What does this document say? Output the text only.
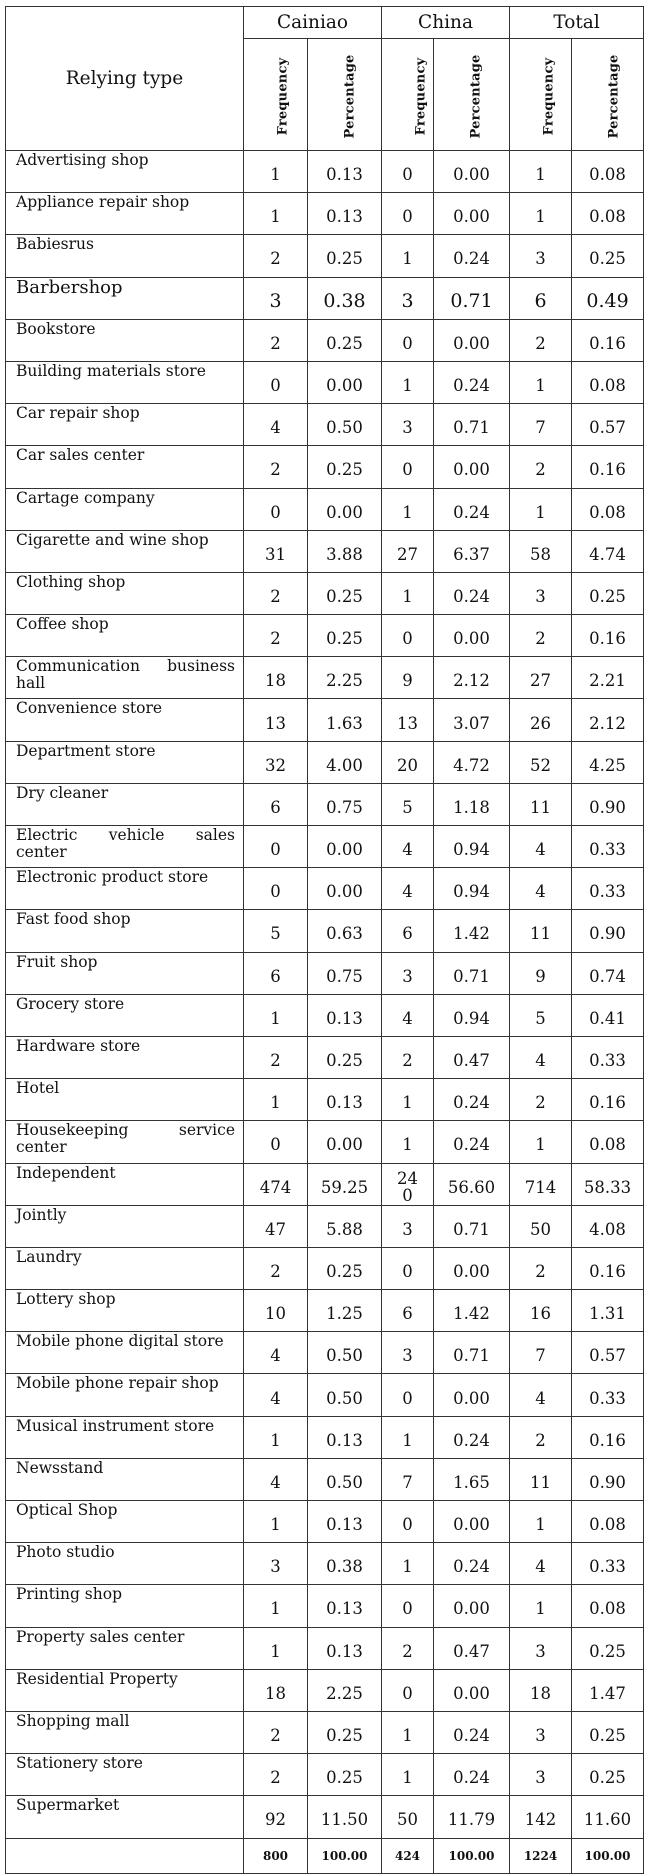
Relying type	Cainiao		China		Total	
	Frequency	Percentage	Frequency	Percentage	Frequency	Percentage
Advertising shop	1	0.13	0	0.00	1	0.08
Appliance repair shop	1	0.13	0	0.00	1	0.08
Babiesrus	2	0.25	1	0.24	3	0.25
Barbershop	3	0.38	3	0.71	6	0.49
Bookstore	2	0.25	0	0.00	2	0.16
Building materials store	0	0.00	1	0.24	1	0.08
Car repair shop	4	0.50	3	0.71	7	0.57
Car sales center	2	0.25	0	0.00	2	0.16
Cartage company	0	0.00	1	0.24	1	0.08
Cigarette and wine shop	31	3.88	27	6.37	58	4.74
Clothing shop	2	0.25	1	0.24	3	0.25
Coffee shop	2	0.25	0	0.00	2	0.16
Communication business hall	18	2.25	9	2.12	27	2.21
Convenience store	13	1.63	13	3.07	26	2.12
Department store	32	4.00	20	4.72	52	4.25
Dry cleaner	6	0.75	5	1.18	11	0.90
Electric vehicle sales center	0	0.00	4	0.94	4	0.33
Electronic product store	0	0.00	4	0.94	4	0.33
Fast food shop	5	0.63	6	1.42	11	0.90
Fruit shop	6	0.75	3	0.71	9	0.74
Grocery store	1	0.13	4	0.94	5	0.41
Hardware store	2	0.25	2	0.47	4	0.33
Hotel	1	0.13	1	0.24	2	0.16
Housekeeping service center	0	0.00	1	0.24	1	0.08
Independent	474	59.25	240	56.60	714	58.33
Jointly	47	5.88	3	0.71	50	4.08
Laundry	2	0.25	0	0.00	2	0.16
Lottery shop	10	1.25	6	1.42	16	1.31
Mobile phone digital store	4	0.50	3	0.71	7	0.57
Mobile phone repair shop	4	0.50	0	0.00	4	0.33
Musical instrument store	1	0.13	1	0.24	2	0.16
Newsstand	4	0.50	7	1.65	11	0.90
Optical Shop	1	0.13	0	0.00	1	0.08
Photo studio	3	0.38	1	0.24	4	0.33
Printing shop	1	0.13	0	0.00	1	0.08
Property sales center	1	0.13	2	0.47	3	0.25
Residential Property	18	2.25	0	0.00	18	1.47
Shopping mall	2	0.25	1	0.24	3	0.25
Stationery store	2	0.25	1	0.24	3	0.25
Supermarket	92	11.50	50	11.79	142	11.60
	800	100.00	424	100.00	1224	100.00
